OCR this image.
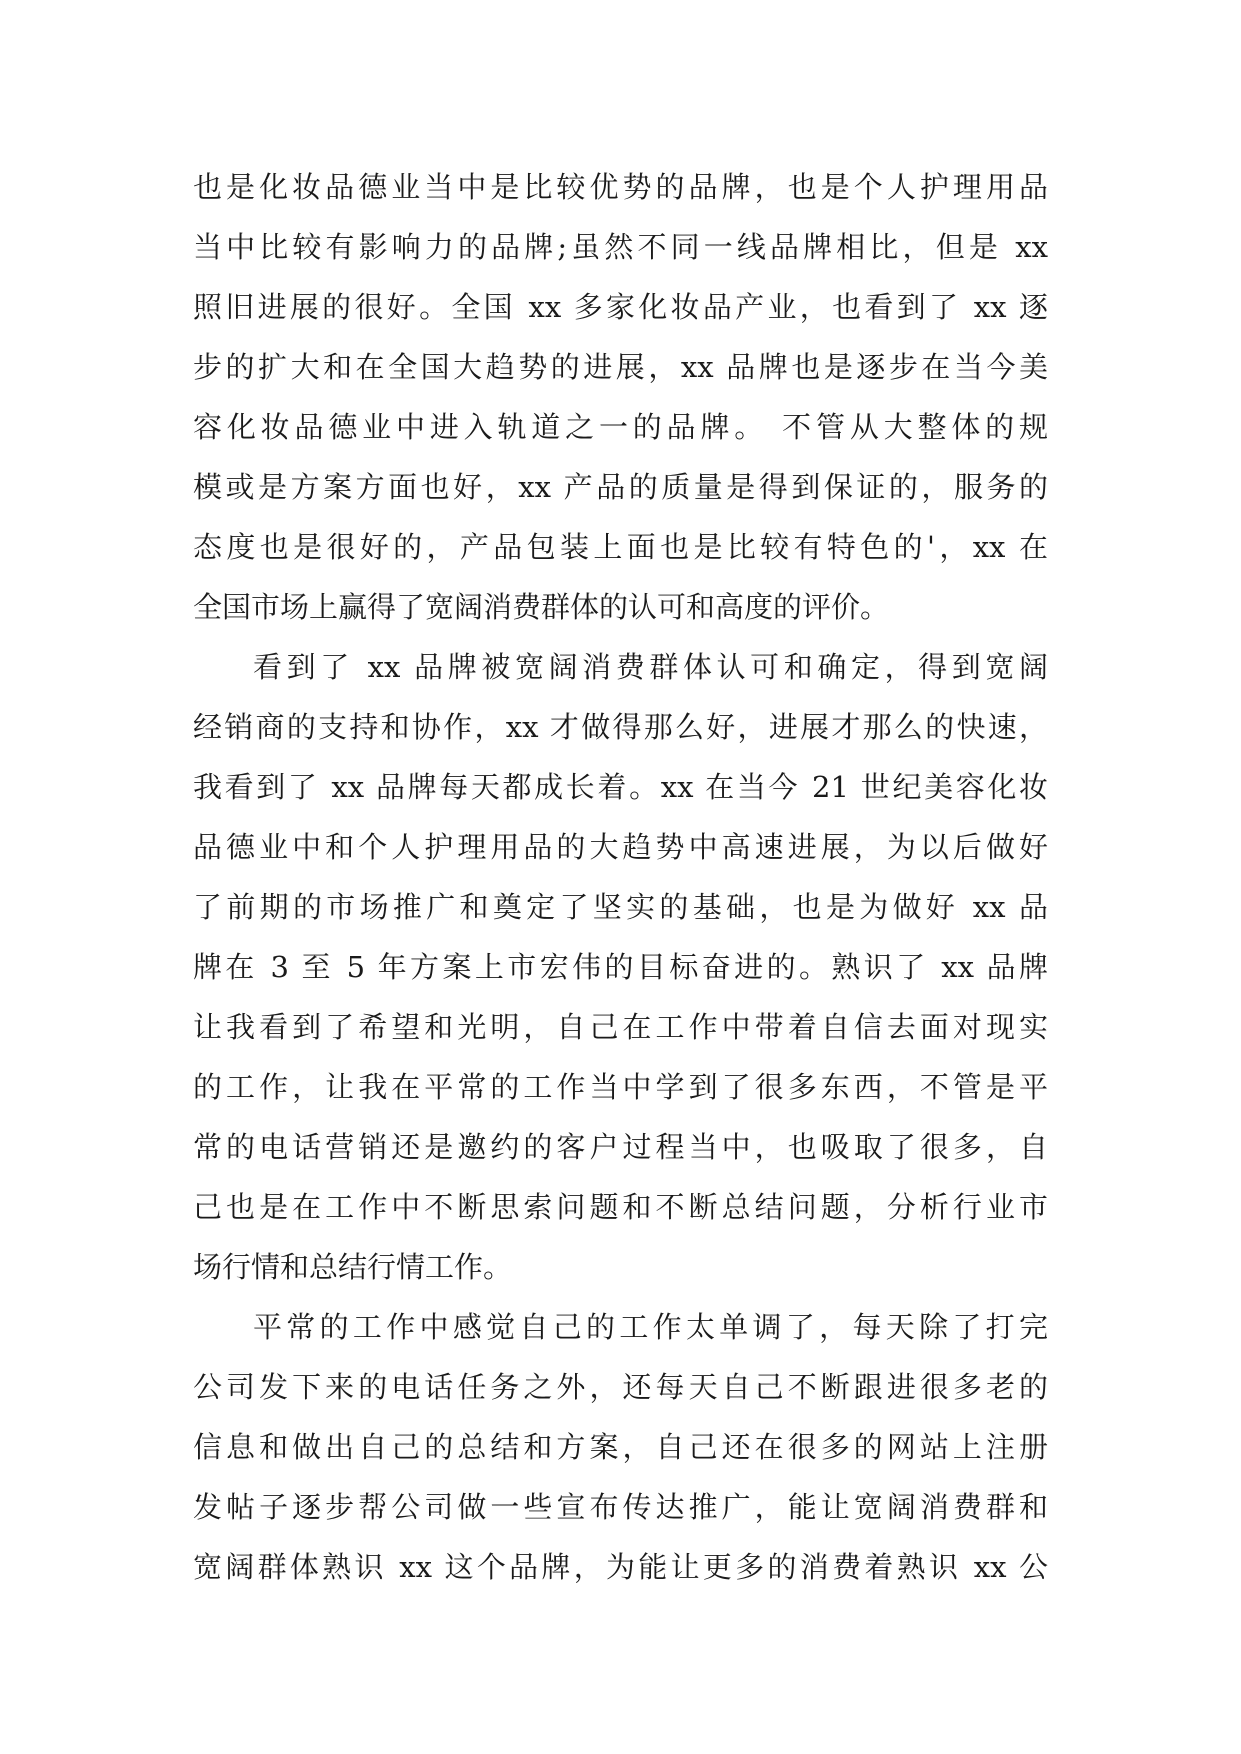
也是化妆品德业当中是比较优势的品牌，也是个人护理用品
当中比较有影响力的品牌;虽然不同一线品牌相比，但是 xx
照旧进展的很好。全国 xx 多家化妆品产业，也看到了 xx 逐
步的扩大和在全国大趋势的进展，xx 品牌也是逐步在当今美
容化妆品德业中进入轨道之一的品牌。 不管从大整体的规
模或是方案方面也好，xx 产品的质量是得到保证的，服务的
态度也是很好的，产品包装上面也是比较有特色的'，xx 在
全国市场上赢得了宽阔消费群体的认可和高度的评价。
看到了 xx 品牌被宽阔消费群体认可和确定，得到宽阔
经销商的支持和协作，xx 才做得那么好，进展才那么的快速，
我看到了 xx 品牌每天都成长着。xx 在当今 21 世纪美容化妆
品德业中和个人护理用品的大趋势中高速进展，为以后做好
了前期的市场推广和奠定了坚实的基础，也是为做好 xx 品
牌在 3 至 5 年方案上市宏伟的目标奋进的。熟识了 xx 品牌
让我看到了希望和光明，自己在工作中带着自信去面对现实
的工作，让我在平常的工作当中学到了很多东西，不管是平
常的电话营销还是邀约的客户过程当中，也吸取了很多，自
己也是在工作中不断思索问题和不断总结问题，分析行业市
场行情和总结行情工作。
平常的工作中感觉自己的工作太单调了，每天除了打完
公司发下来的电话任务之外，还每天自己不断跟进很多老的
信息和做出自己的总结和方案，自己还在很多的网站上注册
发帖子逐步帮公司做一些宣布传达推广，能让宽阔消费群和
宽阔群体熟识 xx 这个品牌，为能让更多的消费着熟识 xx 公
